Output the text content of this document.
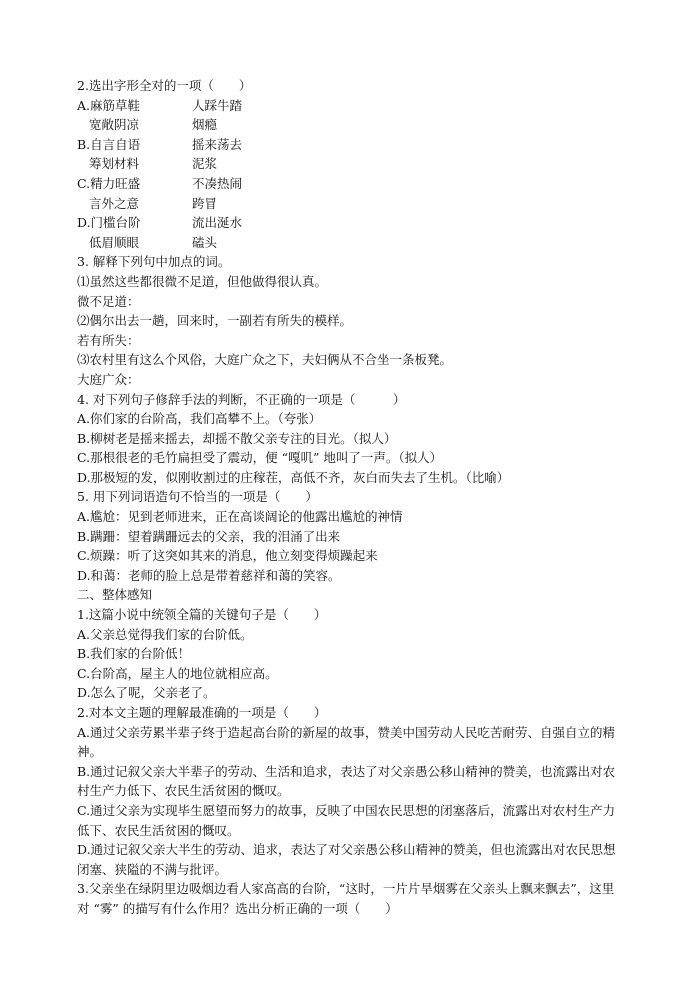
2.选出字形全对的一项（　　）
A.麻筋草鞋	人踩牛踏
宽敞阴凉	烟瘾
B.自言自语	摇来荡去
筹划材料	泥浆
C.精力旺盛	不凑热闹
言外之意	跨冒
D.门槛台阶	流出涎水
低眉顺眼	磕头
3. 解释下列句中加点的词。
⑴虽然这些都很微不足道，但他做得很认真。
微不足道：
⑵偶尔出去一趟，回来时，一副若有所失的模样。
若有所失：
⑶农村里有这么个风俗，大庭广众之下，夫妇俩从不合坐一条板凳。
大庭广众：
4. 对下列句子修辞手法的判断，不正确的一项是（　　　）
A.你们家的台阶高，我们高攀不上。（夸张）
B.柳树老是摇来摇去，却摇不散父亲专注的目光。（拟人）
C.那根很老的毛竹扁担受了震动，便 “嘎叽” 地叫了一声。（拟人）
D.那极短的发，似刚收割过的庄稼茬，高低不齐，灰白而失去了生机。（比喻）
5. 用下列词语造句不恰当的一项是（　　）
A.尴尬：见到老师进来，正在高谈阔论的他露出尴尬的神情
B.蹒跚：望着蹒跚远去的父亲，我的泪涌了出来
C.烦躁：听了这突如其来的消息，他立刻变得烦躁起来
D.和蔼：老师的脸上总是带着慈祥和蔼的笑容。
二、整体感知
1.这篇小说中统领全篇的关键句子是（　　）
A.父亲总觉得我们家的台阶低。
B.我们家的台阶低！
C.台阶高，屋主人的地位就相应高。
D.怎么了呢，父亲老了。
2.对本文主题的理解最准确的一项是（　　）
A.通过父亲劳累半辈子终于造起高台阶的新屋的故事，赞美中国劳动人民吃苦耐劳、自强自立的精神。
B.通过记叙父亲大半辈子的劳动、生活和追求，表达了对父亲愚公移山精神的赞美，也流露出对农村生产力低下、农民生活贫困的慨叹。
C.通过父亲为实现毕生愿望而努力的故事，反映了中国农民思想的闭塞落后，流露出对农村生产力低下、农民生活贫困的慨叹。
D.通过记叙父亲大半生的劳动、追求，表达了对父亲愚公移山精神的赞美，但也流露出对农民思想闭塞、狭隘的不满与批评。
3.父亲坐在绿阴里边吸烟边看人家高高的台阶，“这时，一片片旱烟雾在父亲头上飘来飘去”，这里对 “雾” 的描写有什么作用？选出分析正确的一项（　　）
